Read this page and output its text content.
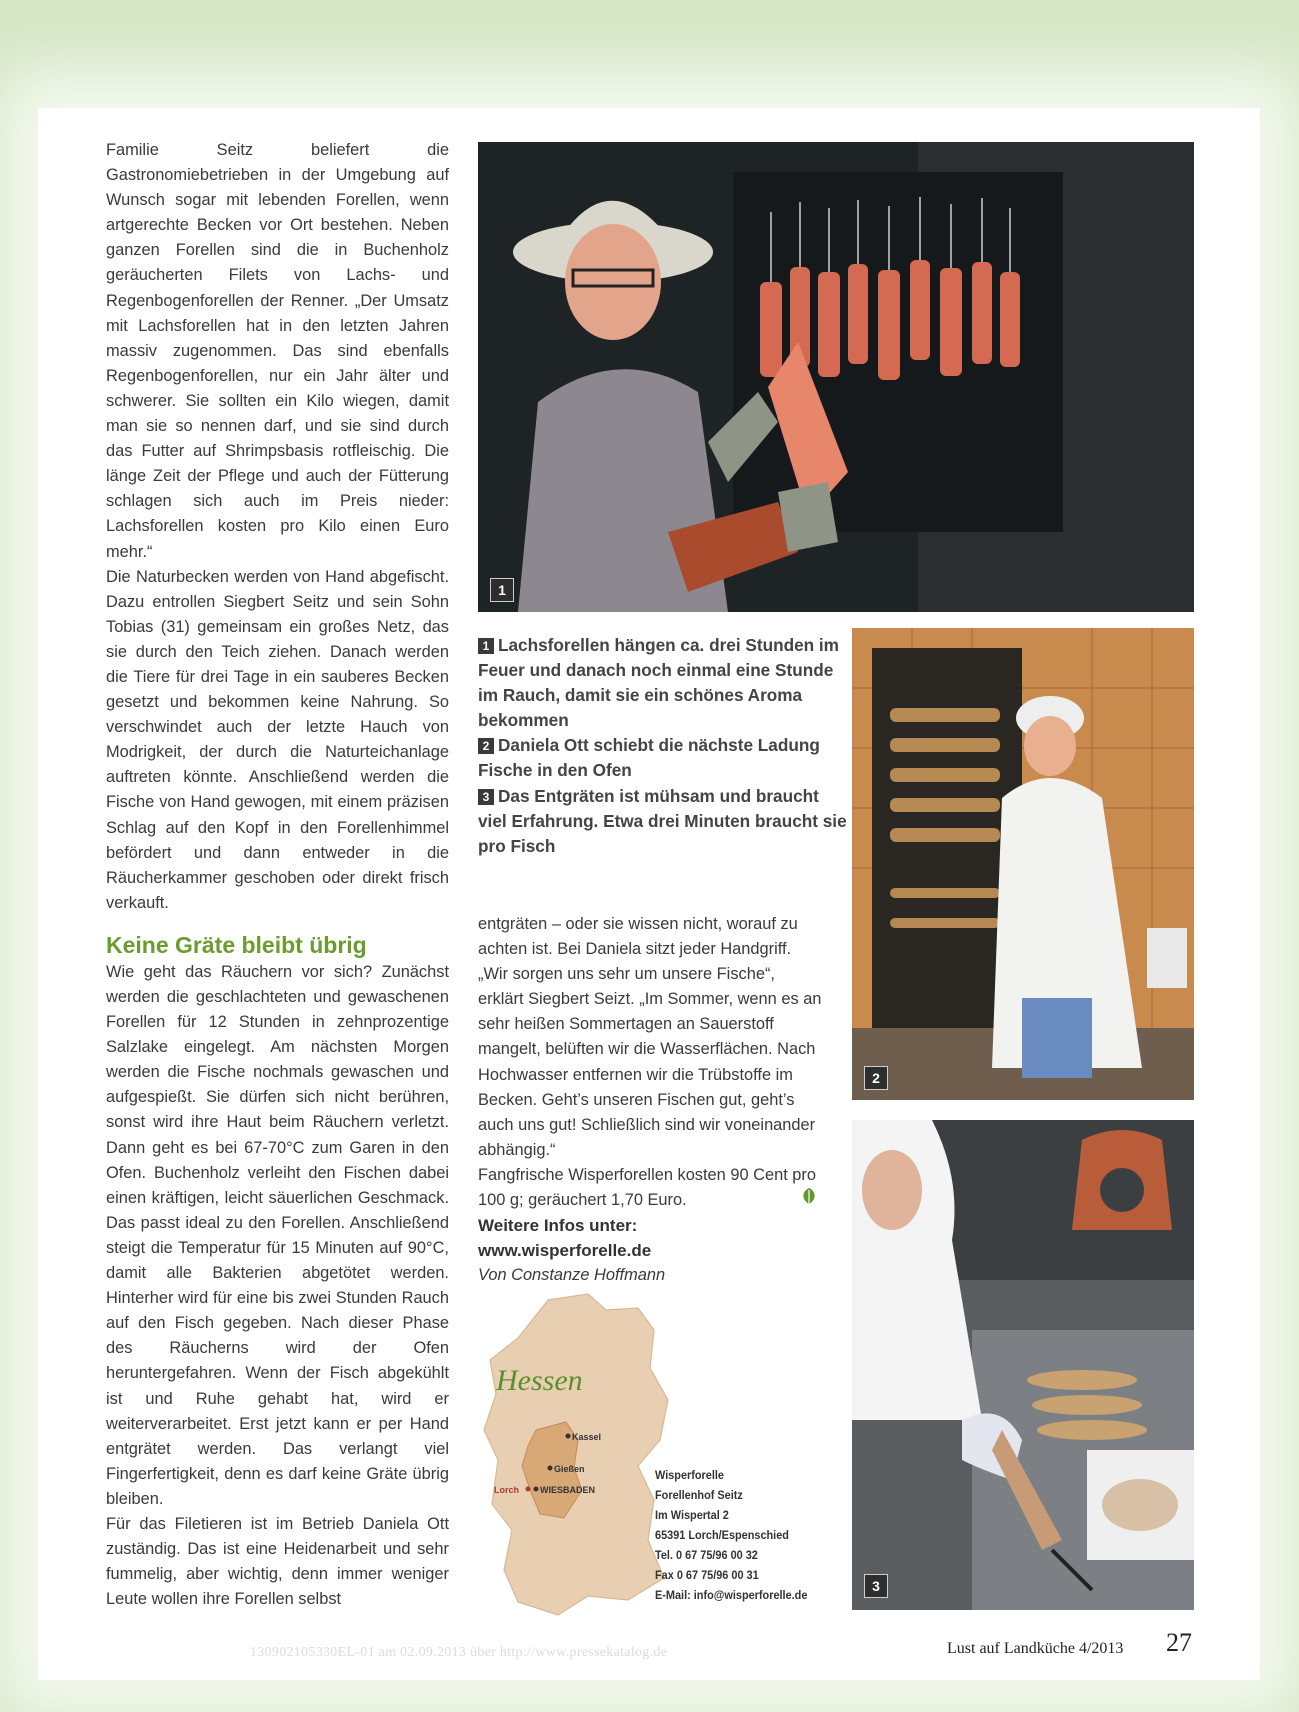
Familie Seitz beliefert die Gastronomiebetrieben in der Umgebung auf Wunsch sogar mit lebenden Forellen, wenn artgerechte Becken vor Ort bestehen. Neben ganzen Forellen sind die in Buchenholz geräucherten Filets von Lachs- und Regenbogenforellen der Renner. „Der Umsatz mit Lachsforellen hat in den letzten Jahren massiv zugenommen. Das sind ebenfalls Regenbogenforellen, nur ein Jahr älter und schwerer. Sie sollten ein Kilo wiegen, damit man sie so nennen darf, und sie sind durch das Futter auf Shrimpsbasis rotfleischig. Die länge Zeit der Pflege und auch der Fütterung schlagen sich auch im Preis nieder: Lachsforellen kosten pro Kilo einen Euro mehr.“

Die Naturbecken werden von Hand abgefischt. Dazu entrollen Siegbert Seitz und sein Sohn Tobias (31) gemeinsam ein großes Netz, das sie durch den Teich ziehen. Danach werden die Tiere für drei Tage in ein sauberes Becken gesetzt und bekommen keine Nahrung. So verschwindet auch der letzte Hauch von Modrigkeit, der durch die Naturteichanlage auftreten könnte. Anschließend werden die Fische von Hand gewogen, mit einem präzisen Schlag auf den Kopf in den Forellenhimmel befördert und dann entweder in die Räucherkammer geschoben oder direkt frisch verkauft.

Keine Gräte bleibt übrig

Wie geht das Räuchern vor sich? Zunächst werden die geschlachteten und gewaschenen Forellen für 12 Stunden in zehnprozentige Salzlake eingelegt. Am nächsten Morgen werden die Fische nochmals gewaschen und aufgespießt. Sie dürfen sich nicht berühren, sonst wird ihre Haut beim Räuchern verletzt. Dann geht es bei 67-70°C zum Garen in den Ofen. Buchenholz verleiht den Fischen dabei einen kräftigen, leicht säuerlichen Geschmack. Das passt ideal zu den Forellen. Anschließend steigt die Temperatur für 15 Minuten auf 90°C, damit alle Bakterien abgetötet werden. Hinterher wird für eine bis zwei Stunden Rauch auf den Fisch gegeben. Nach dieser Phase des Räucherns wird der Ofen heruntergefahren. Wenn der Fisch abgekühlt ist und Ruhe gehabt hat, wird er weiterverarbeitet. Erst jetzt kann er per Hand entgrätet werden. Das verlangt viel Fingerfertigkeit, denn es darf keine Gräte übrig bleiben.

Für das Filetieren ist im Betrieb Daniela Ott zuständig. Das ist eine Heidenarbeit und sehr fummelig, aber wichtig, denn immer weniger Leute wollen ihre Forellen selbst

1

1 Lachsforellen hängen ca. drei Stunden im Feuer und danach noch einmal eine Stunde im Rauch, damit sie ein schönes Aroma bekommen

2 Daniela Ott schiebt die nächste Ladung Fische in den Ofen

3 Das Entgräten ist mühsam und braucht viel Erfahrung. Etwa drei Minuten braucht sie pro Fisch

2

entgräten – oder sie wissen nicht, worauf zu achten ist. Bei Daniela sitzt jeder Handgriff. „Wir sorgen uns sehr um unsere Fische“, erklärt Siegbert Seizt. „Im Sommer, wenn es an sehr heißen Sommertagen an Sauerstoff mangelt, belüften wir die Wasserflächen. Nach Hochwasser entfernen wir die Trübstoffe im Becken. Geht’s unseren Fischen gut, geht’s auch uns gut! Schließlich sind wir voneinander abhängig.“

Fangfrische Wisperforellen kosten 90 Cent pro 100 g; geräuchert 1,70 Euro.

Weitere Infos unter:

www.wisperforelle.de

Von Constanze Hoffmann

Hessen
Kassel
Gießen
Lorch WIESBADEN

Wisperforelle

Forellenhof Seitz

Im Wispertal 2

65391 Lorch/Espenschied

Tel. 0 67 75/96 00 32

Fax 0 67 75/96 00 31

E-Mail: info@wisperforelle.de

3
130902105330EL-01 am 02.09.2013 über http://www.pressekatalog.de	Lust auf Landküche 4/2013 27
